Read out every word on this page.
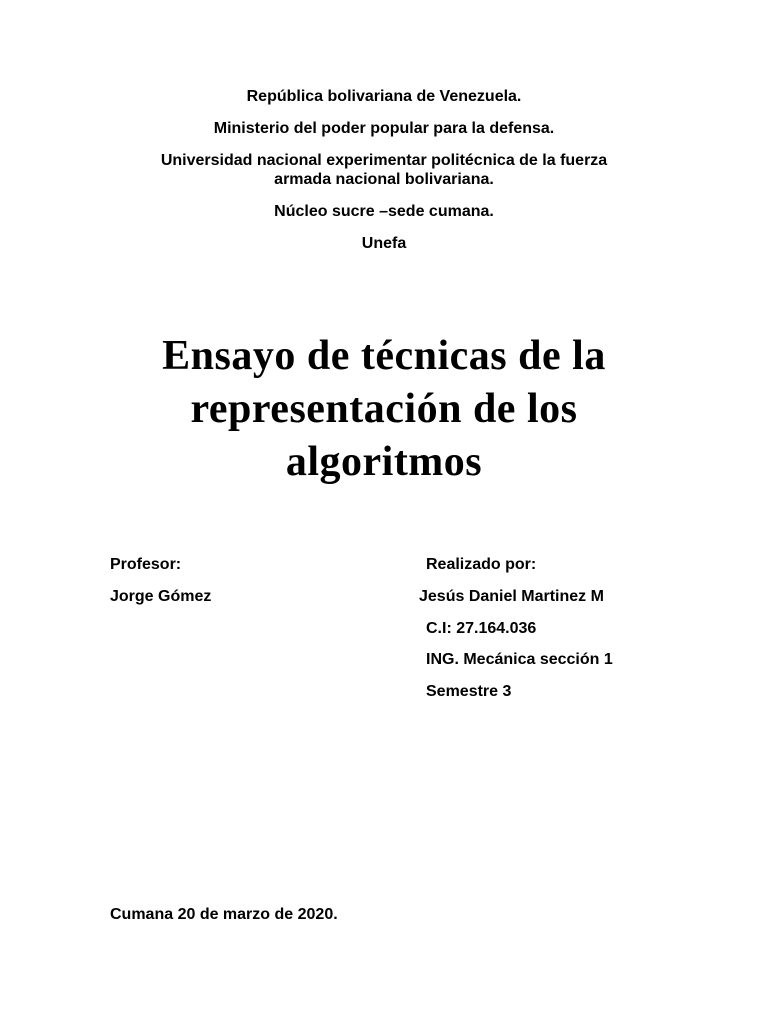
República bolivariana de Venezuela.

Ministerio del poder popular para la defensa.

Universidad nacional experimentar politécnica de la fuerza

armada nacional bolivariana.

Núcleo sucre –sede cumana.

Unefa

Ensayo de técnicas de la
representación de los
algoritmos

Profesor:

Jorge Gómez

Realizado por:

Jesús Daniel Martinez M

C.I: 27.164.036

ING. Mecánica sección 1

Semestre 3

Cumana 20 de marzo de 2020.
